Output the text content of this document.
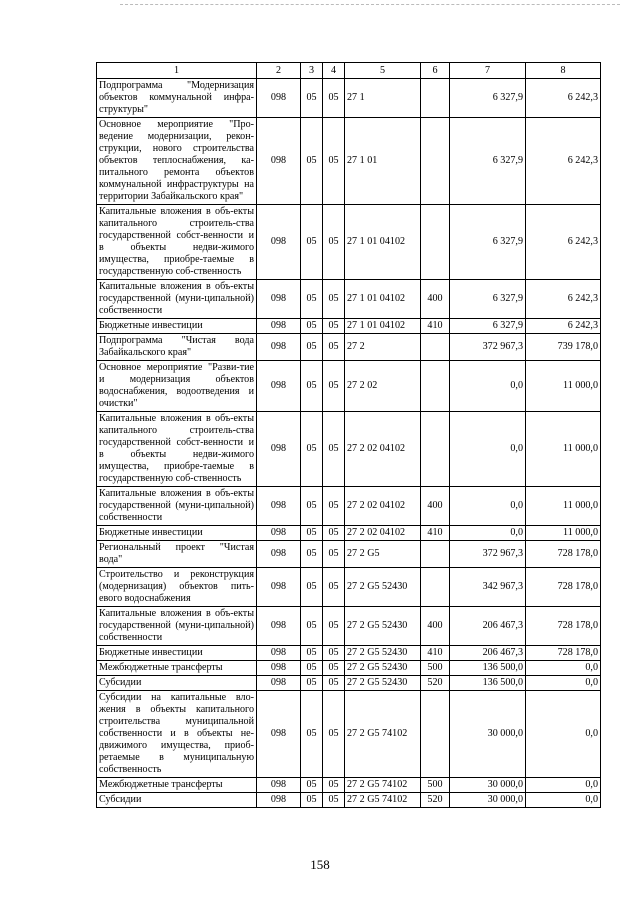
1	2	3	4	5	6	7	8
Подпрограмма "Модернизация объектов коммунальной инфра-структуры"	098	05	05	27 1		6 327,9	6 242,3
Основное мероприятие "Про-ведение модернизации, рекон-струкции, нового строительства объектов теплоснабжения, ка-питального ремонта объектов коммунальной инфраструктуры на территории Забайкальского края"	098	05	05	27 1 01		6 327,9	6 242,3
Капитальные вложения в объ-екты капитального строитель-ства государственной собст-венности и в объекты недви-жимого имущества, приобре-таемые в государственную соб-ственность	098	05	05	27 1 01 04102		6 327,9	6 242,3
Капитальные вложения в объ-екты государственной (муни-ципальной) собственности	098	05	05	27 1 01 04102	400	6 327,9	6 242,3
Бюджетные инвестиции	098	05	05	27 1 01 04102	410	6 327,9	6 242,3
Подпрограмма "Чистая вода Забайкальского края"	098	05	05	27 2		372 967,3	739 178,0
Основное мероприятие "Разви-тие и модернизация объектов водоснабжения, водоотведения и очистки"	098	05	05	27 2 02		0,0	11 000,0
Капитальные вложения в объ-екты капитального строитель-ства государственной собст-венности и в объекты недви-жимого имущества, приобре-таемые в государственную соб-ственность	098	05	05	27 2 02 04102		0,0	11 000,0
Капитальные вложения в объ-екты государственной (муни-ципальной) собственности	098	05	05	27 2 02 04102	400	0,0	11 000,0
Бюджетные инвестиции	098	05	05	27 2 02 04102	410	0,0	11 000,0
Региональный проект "Чистая вода"	098	05	05	27 2 G5		372 967,3	728 178,0
Строительство и реконструкция (модернизация) объектов пить-евого водоснабжения	098	05	05	27 2 G5 52430		342 967,3	728 178,0
Капитальные вложения в объ-екты государственной (муни-ципальной) собственности	098	05	05	27 2 G5 52430	400	206 467,3	728 178,0
Бюджетные инвестиции	098	05	05	27 2 G5 52430	410	206 467,3	728 178,0
Межбюджетные трансферты	098	05	05	27 2 G5 52430	500	136 500,0	0,0
Субсидии	098	05	05	27 2 G5 52430	520	136 500,0	0,0
Субсидии на капитальные вло-жения в объекты капитального строительства муниципальной собственности и в объекты не-движимого имущества, приоб-ретаемые в муниципальную собственность	098	05	05	27 2 G5 74102		30 000,0	0,0
Межбюджетные трансферты	098	05	05	27 2 G5 74102	500	30 000,0	0,0
Субсидии	098	05	05	27 2 G5 74102	520	30 000,0	0,0
158
